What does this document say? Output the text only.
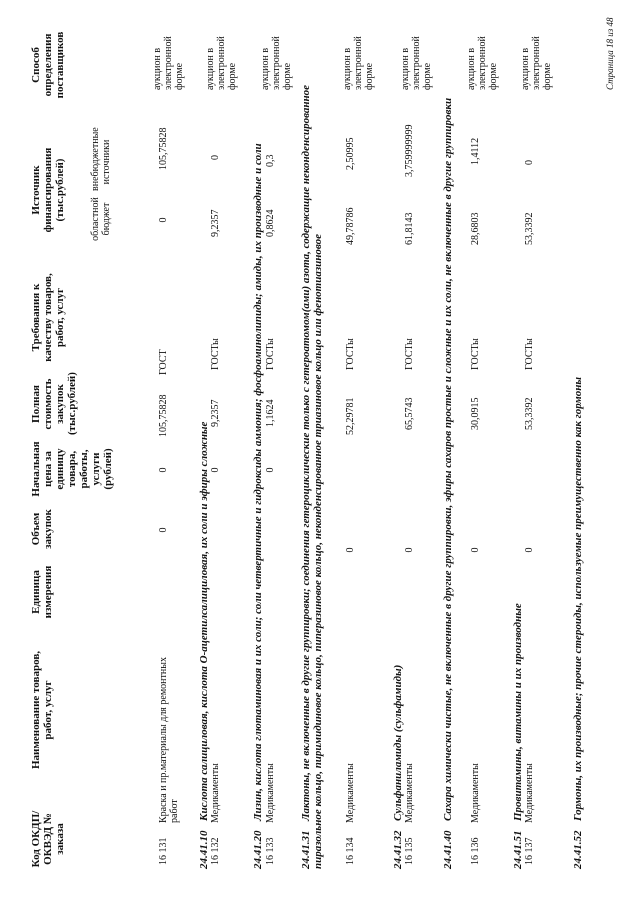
Код ОКДП/ ОКВЭД № заказа
Наименование товаров, работ, услуг
Единица измерения
Объем закупок
Начальная цена за единицу товара, работы, услуги (рублей)
Полная стоимость закупок (тыс.рублей)
Требования к качеству товаров, работ, услуг
Источник финансирования (тыс.рублей) областной бюджет
внебюджетные источники
Способ определения поставщиков
16 131
Краска и пр.материалы для ремонтных работ
0
0
105,75828
ГОСТ
0
105,75828
аукцион в электронной форме
24.41.10Кислота салициловая, кислота O-ацетилсалициловая, их соли и эфиры сложные
16 132
Медикаменты
0
9,2357
ГОСТы
9,2357
0
аукцион в электронной форме
24.41.20Лизин, кислота глютаминовая и их соли; соли четвертичные и гидроксиды аммония; фосфоаминолипиды; амиды, их производные и соли
16 133
Медикаменты
0
1,1624
ГОСТы
0,8624
0,3
аукцион в электронной форме
24.41.31Лактоны, не включенные в другие группировки; соединения гетероциклические только с гетероатомом(ами) азота, содержащие неконденсированное пиразольное кольцо, пиримидиновое кольцо, пиперазиновое кольцо, неконденсированное триазиновое кольцо или фенотиазиновое 16 134
Медикаменты
0
52,29781
ГОСТы
49,78786
2,50995
аукцион в электронной форме
24.41.32Сульфаниламиды (сульфамиды)
16 135
Медикаменты
0
65,5743
ГОСТы
61,8143
3,759999999
аукцион в электронной форме
24.41.40Сахара химически чистые, не включенные в другие группировки, эфиры сахаров простые и сложные и их соли, не включенные в другие группировки
16 136
Медикаменты
0
30,0915
ГОСТы
28,6803
1,4112
аукцион в электронной форме
24.41.51Провитамины, витамины и их производные
16 137
Медикаменты
0
53,3392
ГОСТы
53,3392
0
аукцион в электронной форме
24.41.52Гормоны, их производные; прочие стероиды, используемые преимущественно как гормоны
Страница 18 из 48
